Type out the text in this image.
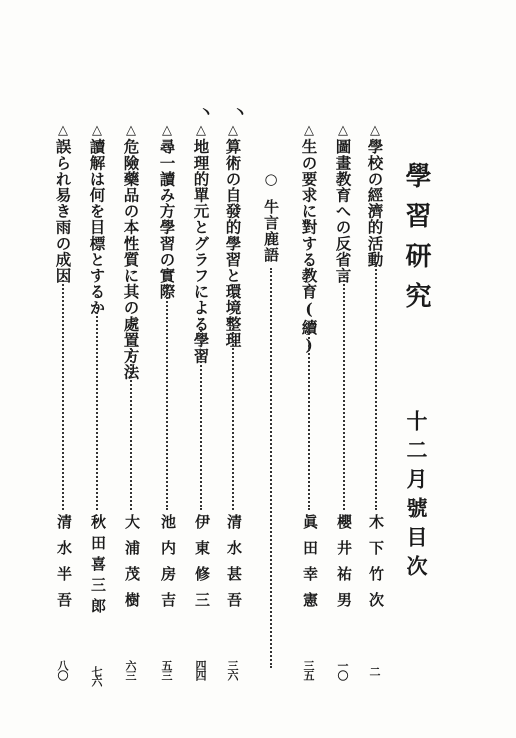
學習研究
十二月號目次
△學校の經濟的活動
木下竹次
二
△圖畫教育への反省言
櫻井祐男
一〇
△生の要求に對する教育(續)
眞田幸憲
三五
○牛言鹿語
△算術の自發的學習と環境整理
清水甚吾
三六
△地理的單元とグラフによる學習
伊東修三
四四
△尋一讀み方學習の實際
池内房吉
五三
△危險藥品の本性質に其の處置方法
大浦茂樹
六三
△讀解は何を目標とするか
秋田喜三郎
七六
△誤られ易き雨の成因
清水半吾
八〇
丶
丶
